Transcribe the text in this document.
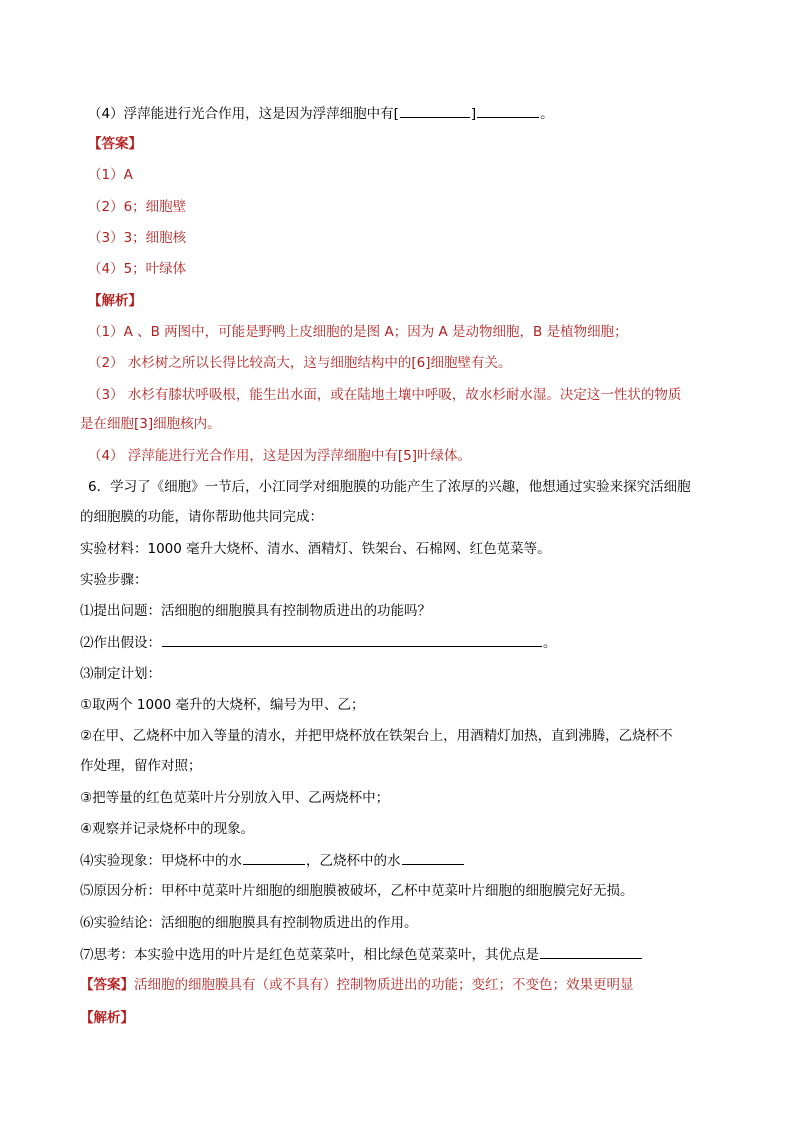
（4）浮萍能进行光合作用，这是因为浮萍细胞中有[	]	。
【答案】
（1）A
（2）6；细胞壁
（3）3；细胞核
（4）5；叶绿体
【解析】
（1）A 、B 两图中，可能是野鸭上皮细胞的是图 A；因为 A 是动物细胞，B 是植物细胞；
（2） 水杉树之所以长得比较高大，这与细胞结构中的[6]细胞壁有关。
（3） 水杉有膝状呼吸根，能生出水面，或在陆地土壤中呼吸，故水杉耐水湿。决定这一性状的物质
是在细胞[3]细胞核内。
（4） 浮萍能进行光合作用，这是因为浮萍细胞中有[5]叶绿体。
6．学习了《细胞》一节后，小江同学对细胞膜的功能产生了浓厚的兴趣，他想通过实验来探究活细胞
的细胞膜的功能，请你帮助他共同完成：
实验材料：1000 毫升大烧杯、清水、酒精灯、铁架台、石棉网、红色苋菜等。
实验步骤：
⑴提出问题：活细胞的细胞膜具有控制物质进出的功能吗？
⑵作出假设：	。
⑶制定计划：
①取两个 1000 毫升的大烧杯，编号为甲、乙；
②在甲、乙烧杯中加入等量的清水，并把甲烧杯放在铁架台上，用酒精灯加热，直到沸腾，乙烧杯不
作处理，留作对照；
③把等量的红色苋菜叶片分别放入甲、乙两烧杯中；
④观察并记录烧杯中的现象。
⑷实验现象：甲烧杯中的水	，乙烧杯中的水
⑸原因分析：甲杯中苋菜叶片细胞的细胞膜被破坏，乙杯中苋菜叶片细胞的细胞膜完好无损。
⑹实验结论：活细胞的细胞膜具有控制物质进出的作用。
⑺思考：本实验中选用的叶片是红色苋菜菜叶，相比绿色苋菜菜叶，其优点是
【答案】活细胞的细胞膜具有（或不具有）控制物质进出的功能；变红；不变色；效果更明显
【解析】
